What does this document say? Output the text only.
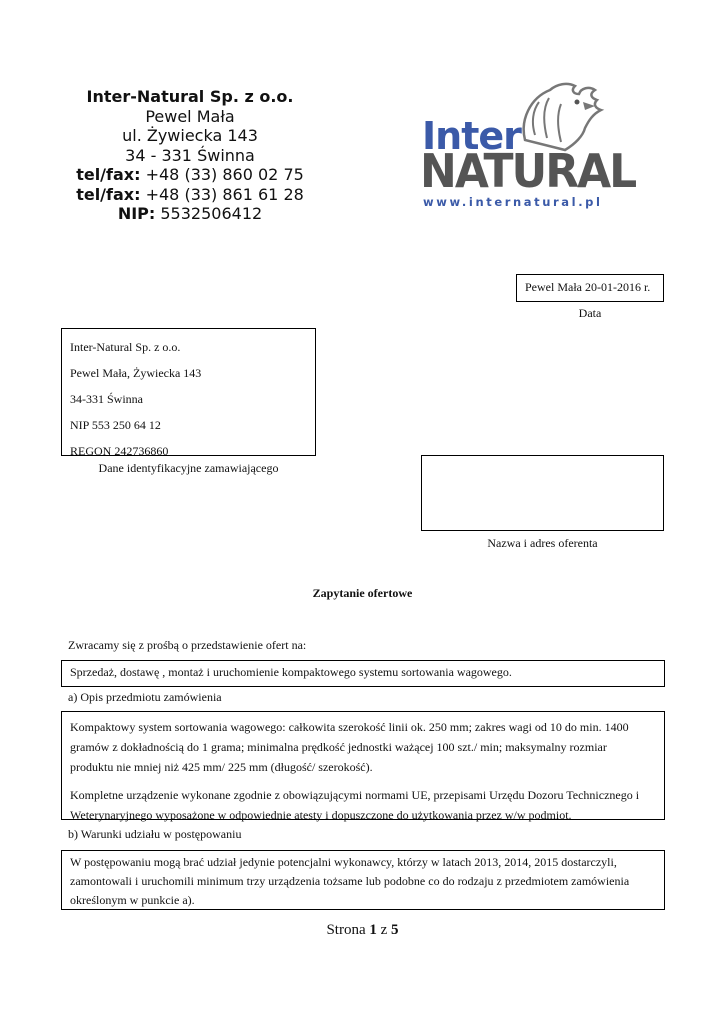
Inter-Natural Sp. z o.o.
Pewel Mała
ul. Żywiecka 143
34 - 331 Świnna
tel/fax: +48 (33) 860 02 75
tel/fax: +48 (33) 861 61 28
NIP: 5532506412
Inter
NATURAL
www.internatural.pl
Pewel Mała 20-01-2016 r.
Data
Inter-Natural Sp. z o.o.
Pewel Mała, Żywiecka 143
34-331 Świnna
NIP 553 250 64 12
REGON 242736860
Dane identyfikacyjne zamawiającego
Nazwa i adres oferenta
Zapytanie ofertowe
Zwracamy się z prośbą o przedstawienie ofert na:
Sprzedaż, dostawę , montaż i uruchomienie kompaktowego systemu sortowania wagowego.
a) Opis przedmiotu zamówienia
Kompaktowy system sortowania wagowego: całkowita szerokość linii ok. 250 mm; zakres wagi od 10 do min. 1400
gramów z dokładnością do 1 grama; minimalna prędkość jednostki ważącej 100 szt./ min; maksymalny rozmiar
produktu nie mniej niż 425 mm/ 225 mm (długość/ szerokość).
Kompletne urządzenie wykonane zgodnie z obowiązującymi normami UE, przepisami Urzędu Dozoru Technicznego i
Weterynaryjnego wyposażone w odpowiednie atesty i dopuszczone do użytkowania przez w/w podmiot.
b) Warunki udziału w postępowaniu
W postępowaniu mogą brać udział jedynie potencjalni wykonawcy, którzy w latach 2013, 2014, 2015 dostarczyli,
zamontowali i uruchomili minimum trzy urządzenia tożsame lub podobne co do rodzaju z przedmiotem zamówienia
określonym w punkcie a).
Strona 1 z 5
